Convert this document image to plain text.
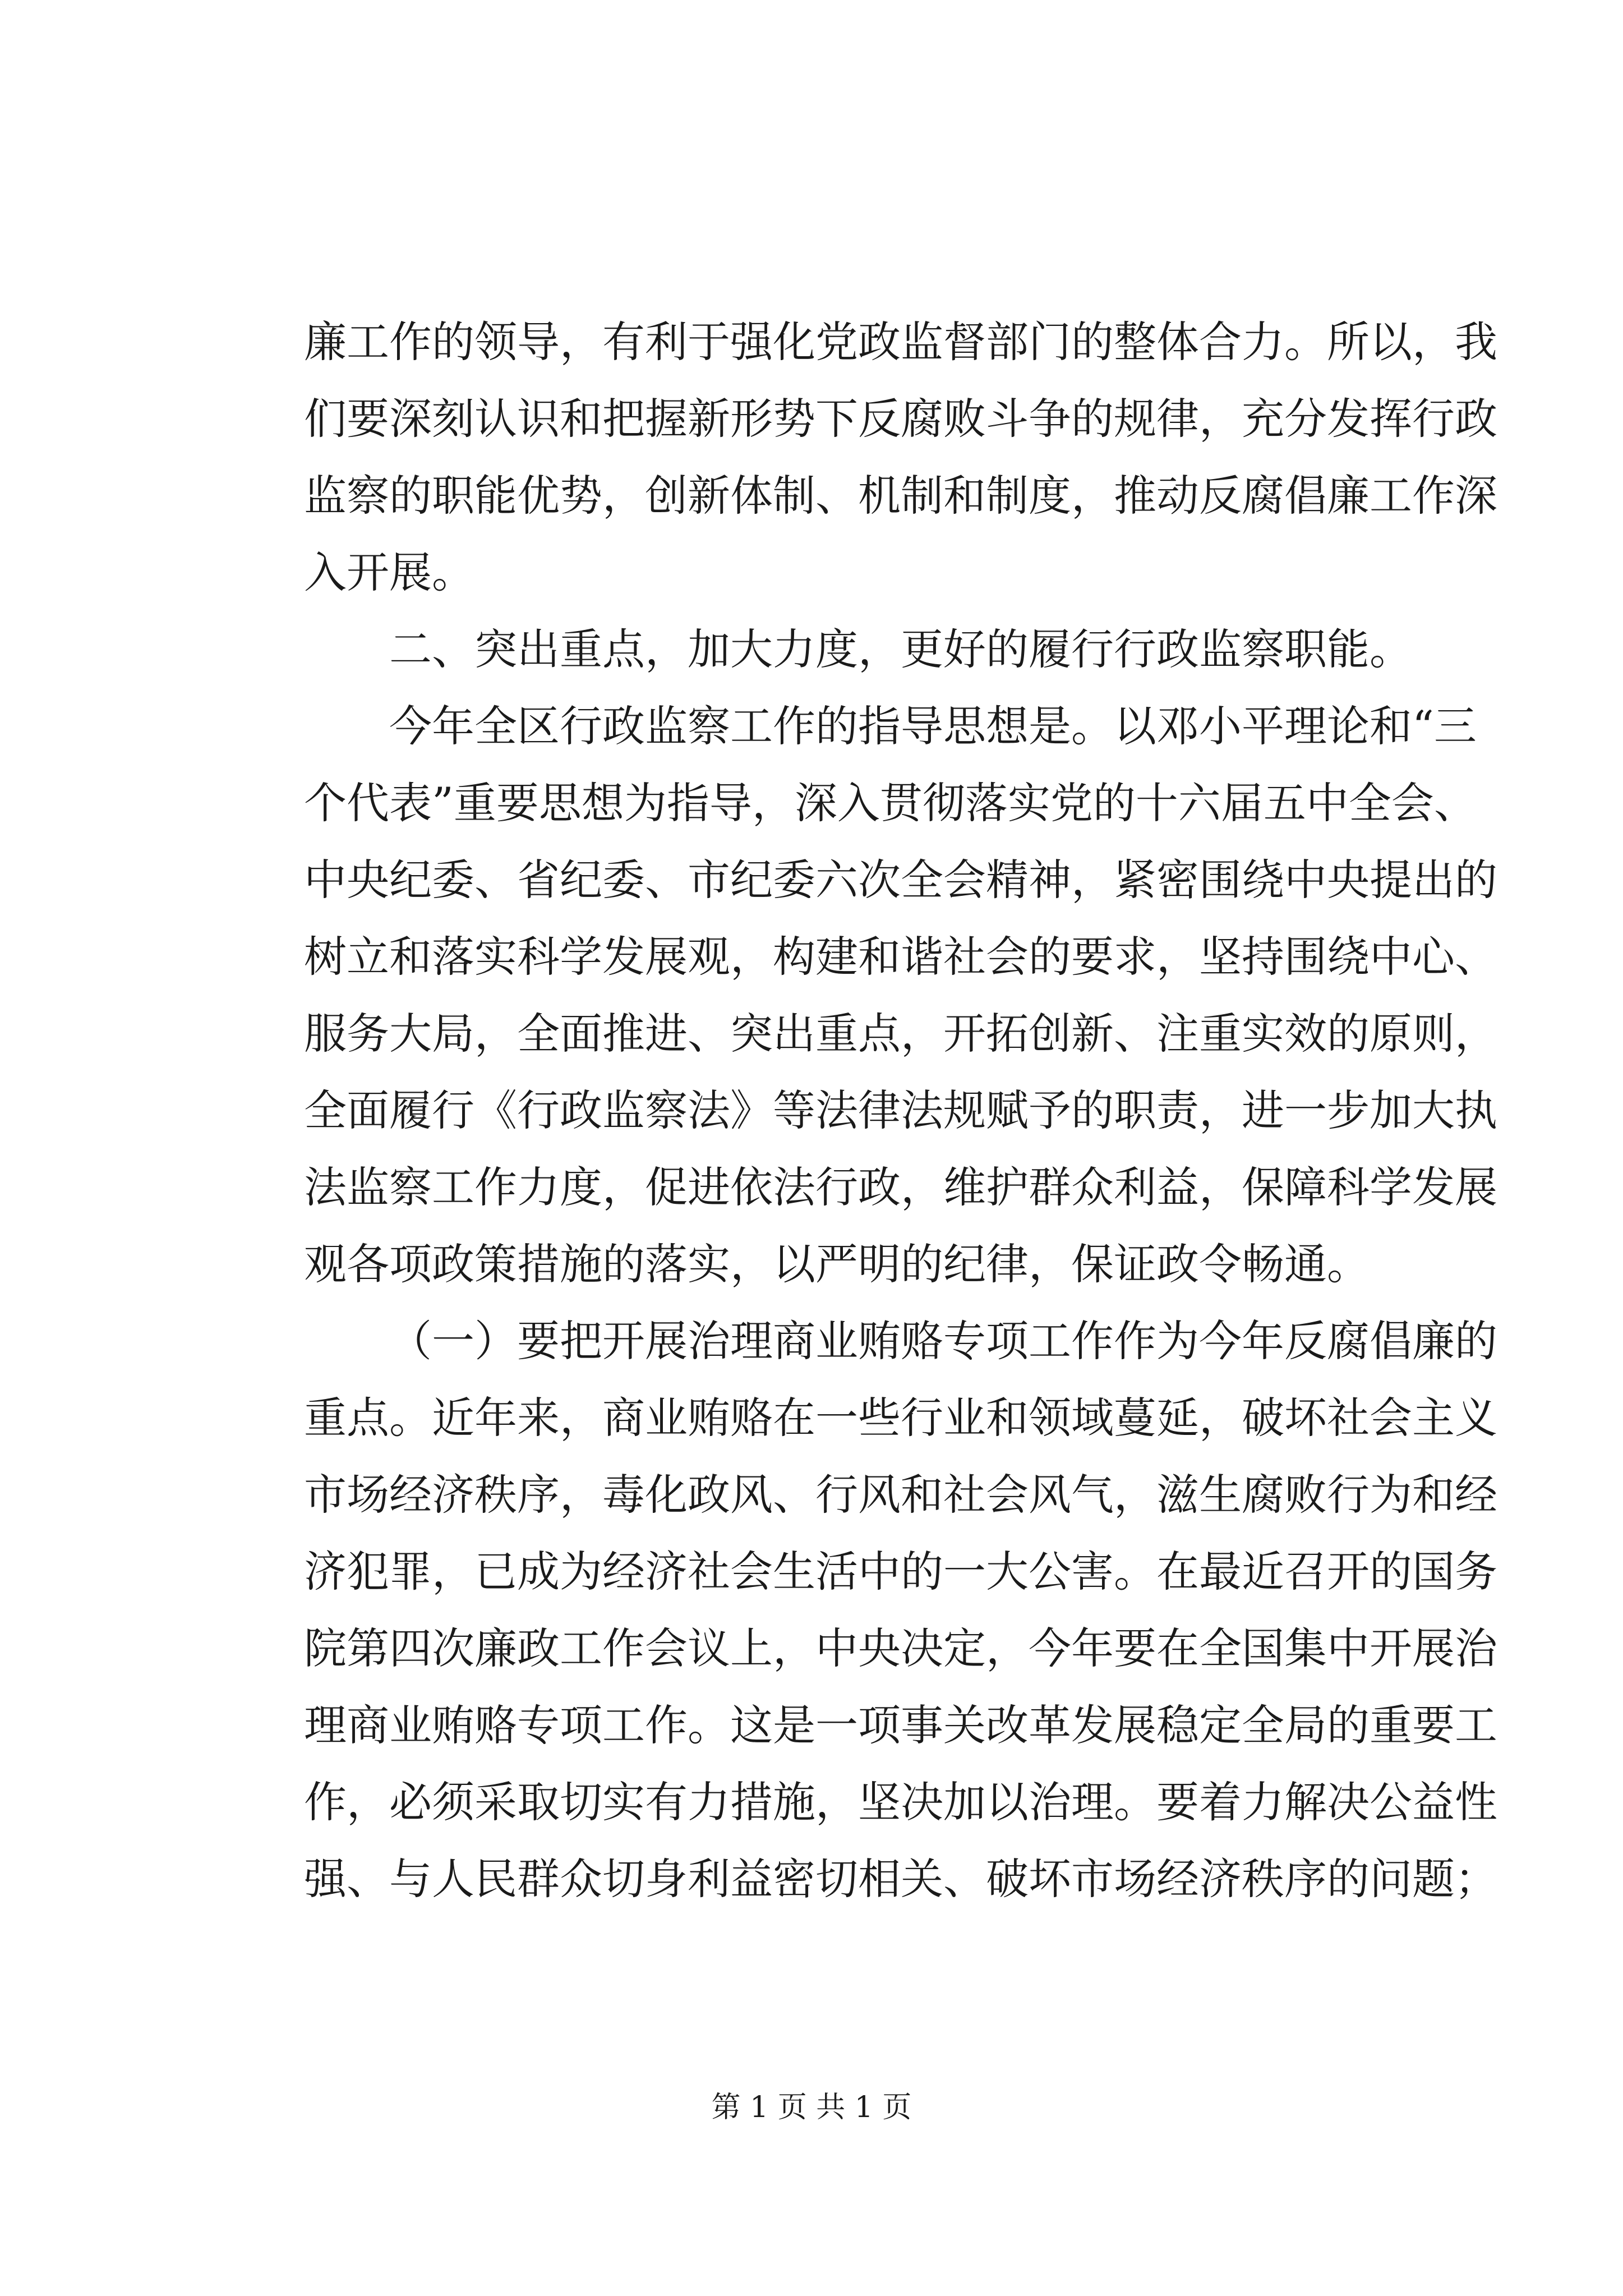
廉工作的领导，有利于强化党政监督部门的整体合力。所以，我
们要深刻认识和把握新形势下反腐败斗争的规律，充分发挥行政
监察的职能优势，创新体制、机制和制度，推动反腐倡廉工作深
入开展。
二、突出重点，加大力度，更好的履行行政监察职能。
今年全区行政监察工作的指导思想是。以邓小平理论和“三
个代表”重要思想为指导，深入贯彻落实党的十六届五中全会、
中央纪委、省纪委、市纪委六次全会精神，紧密围绕中央提出的
树立和落实科学发展观，构建和谐社会的要求，坚持围绕中心、
服务大局，全面推进、突出重点，开拓创新、注重实效的原则，
全面履行《行政监察法》等法律法规赋予的职责，进一步加大执
法监察工作力度，促进依法行政，维护群众利益，保障科学发展
观各项政策措施的落实，以严明的纪律，保证政令畅通。
（一）要把开展治理商业贿赂专项工作作为今年反腐倡廉的
重点。近年来，商业贿赂在一些行业和领域蔓延，破坏社会主义
市场经济秩序，毒化政风、行风和社会风气，滋生腐败行为和经
济犯罪，已成为经济社会生活中的一大公害。在最近召开的国务
院第四次廉政工作会议上，中央决定，今年要在全国集中开展治
理商业贿赂专项工作。这是一项事关改革发展稳定全局的重要工
作，必须采取切实有力措施，坚决加以治理。要着力解决公益性
强、与人民群众切身利益密切相关、破坏市场经济秩序的问题；
第 1 页 共 1 页
